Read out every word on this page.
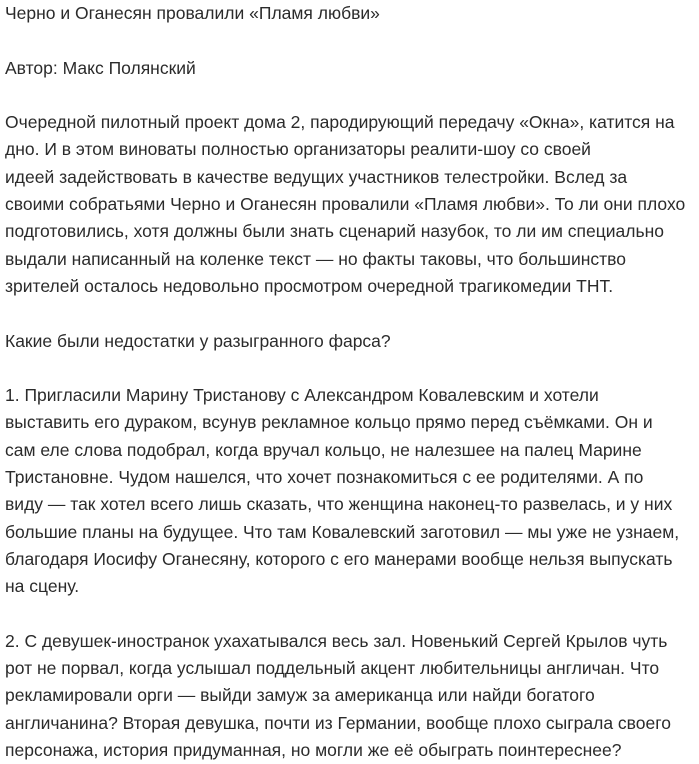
Черно и Оганесян провалили «Пламя любви»

Автор: Макс Полянский

Очередной пилотный проект дома 2, пародирующий передачу «Окна», катится на
дно. И в этом виноваты полностью организаторы реалити-шоу со своей
идеей задействовать в качестве ведущих участников телестройки. Вслед за
своими собратьями Черно и Оганесян провалили «Пламя любви». То ли они плохо
подготовились, хотя должны были знать сценарий назубок, то ли им специально
выдали написанный на коленке текст — но факты таковы, что большинство
зрителей осталось недовольно просмотром очередной трагикомедии ТНТ.

Какие были недостатки у разыгранного фарса?

1. Пригласили Марину Тристанову с Александром Ковалевским и хотели
выставить его дураком, всунув рекламное кольцо прямо перед съёмками. Он и
сам еле слова подобрал, когда вручал кольцо, не налезшее на палец Марине
Тристановне. Чудом нашелся, что хочет познакомиться с ее родителями. А по
виду — так хотел всего лишь сказать, что женщина наконец-то развелась, и у них
большие планы на будущее. Что там Ковалевский заготовил — мы уже не узнаем,
благодаря Иосифу Оганесяну, которого с его манерами вообще нельзя выпускать
на сцену.

2. С девушек-иностранок ухахатывался весь зал. Новенький Сергей Крылов чуть
рот не порвал, когда услышал поддельный акцент любительницы англичан. Что
рекламировали орги — выйди замуж за американца или найди богатого
англичанина? Вторая девушка, почти из Германии, вообще плохо сыграла своего
персонажа, история придуманная, но могли же её обыграть поинтереснее?
